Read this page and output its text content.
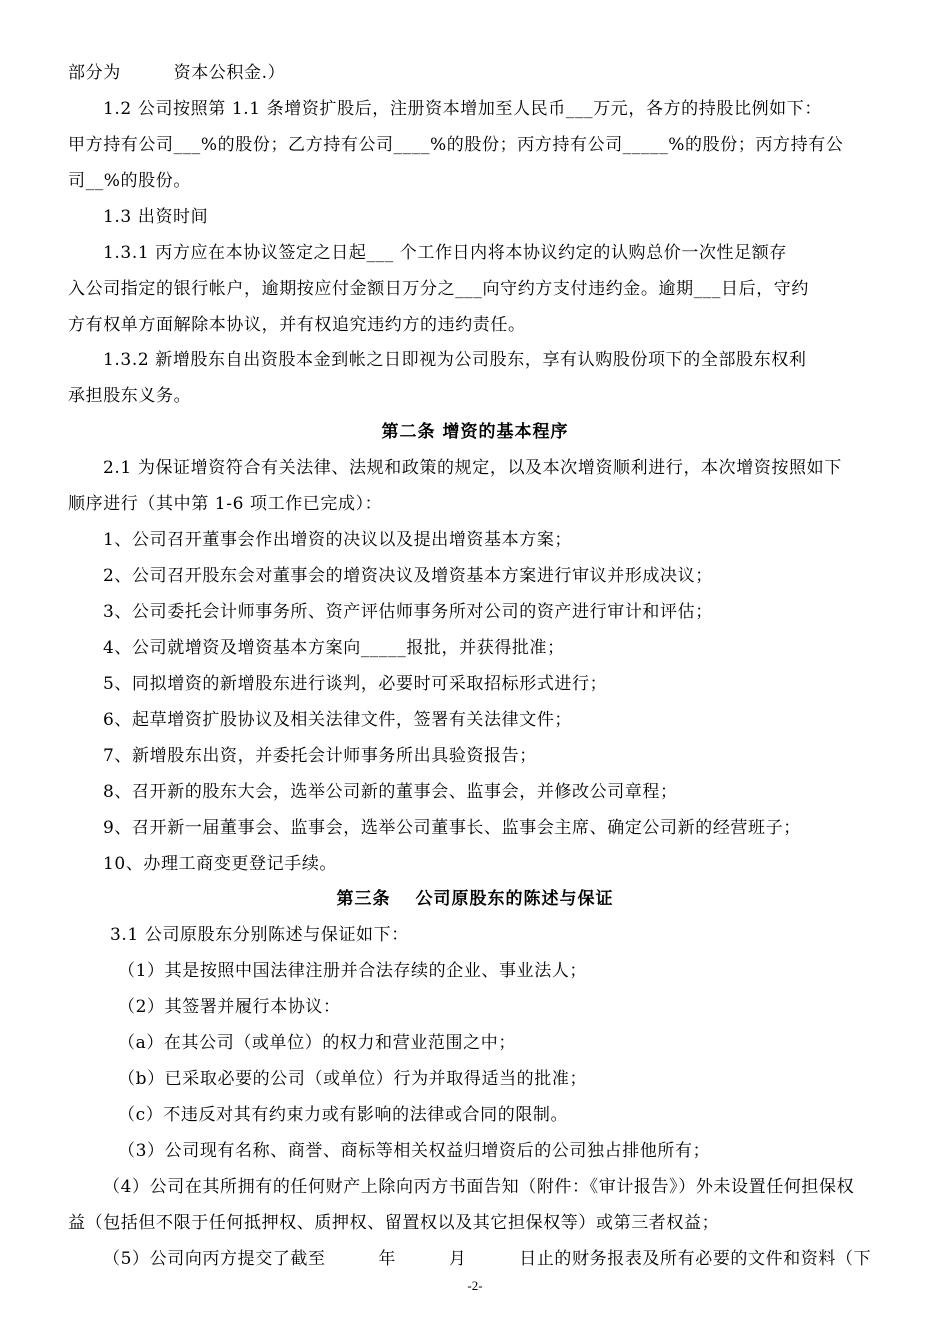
部分为　　　资本公积金.）
1.2 公司按照第 1.1 条增资扩股后，注册资本增加至人民币___万元，各方的持股比例如下：
甲方持有公司___%的股份；乙方持有公司____%的股份；丙方持有公司_____%的股份；丙方持有公
司__%的股份。
1.3 出资时间
1.3.1 丙方应在本协议签定之日起___ 个工作日内将本协议约定的认购总价一次性足额存
入公司指定的银行帐户，逾期按应付金额日万分之___向守约方支付违约金。逾期___日后，守约
方有权单方面解除本协议，并有权追究违约方的违约责任。
1.3.2 新增股东自出资股本金到帐之日即视为公司股东，享有认购股份项下的全部股东权利
承担股东义务。
第二条 增资的基本程序
2.1 为保证增资符合有关法律、法规和政策的规定，以及本次增资顺利进行，本次增资按照如下
顺序进行（其中第 1-6 项工作已完成）：
1、公司召开董事会作出增资的决议以及提出增资基本方案；
2、公司召开股东会对董事会的增资决议及增资基本方案进行审议并形成决议；
3、公司委托会计师事务所、资产评估师事务所对公司的资产进行审计和评估；
4、公司就增资及增资基本方案向_____报批，并获得批准；
5、同拟增资的新增股东进行谈判，必要时可采取招标形式进行；
6、起草增资扩股协议及相关法律文件，签署有关法律文件；
7、新增股东出资，并委托会计师事务所出具验资报告；
8、召开新的股东大会，选举公司新的董事会、监事会，并修改公司章程；
9、召开新一届董事会、监事会，选举公司董事长、监事会主席、确定公司新的经营班子；
10、办理工商变更登记手续。
第三条　 公司原股东的陈述与保证
3.1 公司原股东分别陈述与保证如下：
（1）其是按照中国法律注册并合法存续的企业、事业法人；
（2）其签署并履行本协议：
（a）在其公司（或单位）的权力和营业范围之中；
（b）已采取必要的公司（或单位）行为并取得适当的批准；
（c）不违反对其有约束力或有影响的法律或合同的限制。
（3）公司现有名称、商誉、商标等相关权益归增资后的公司独占排他所有；
（4）公司在其所拥有的任何财产上除向丙方书面告知（附件：《审计报告》）外未设置任何担保权
益（包括但不限于任何抵押权、质押权、留置权以及其它担保权等）或第三者权益；
（5）公司向丙方提交了截至　　　年　　　月　　　日止的财务报表及所有必要的文件和资料（下
-2-
